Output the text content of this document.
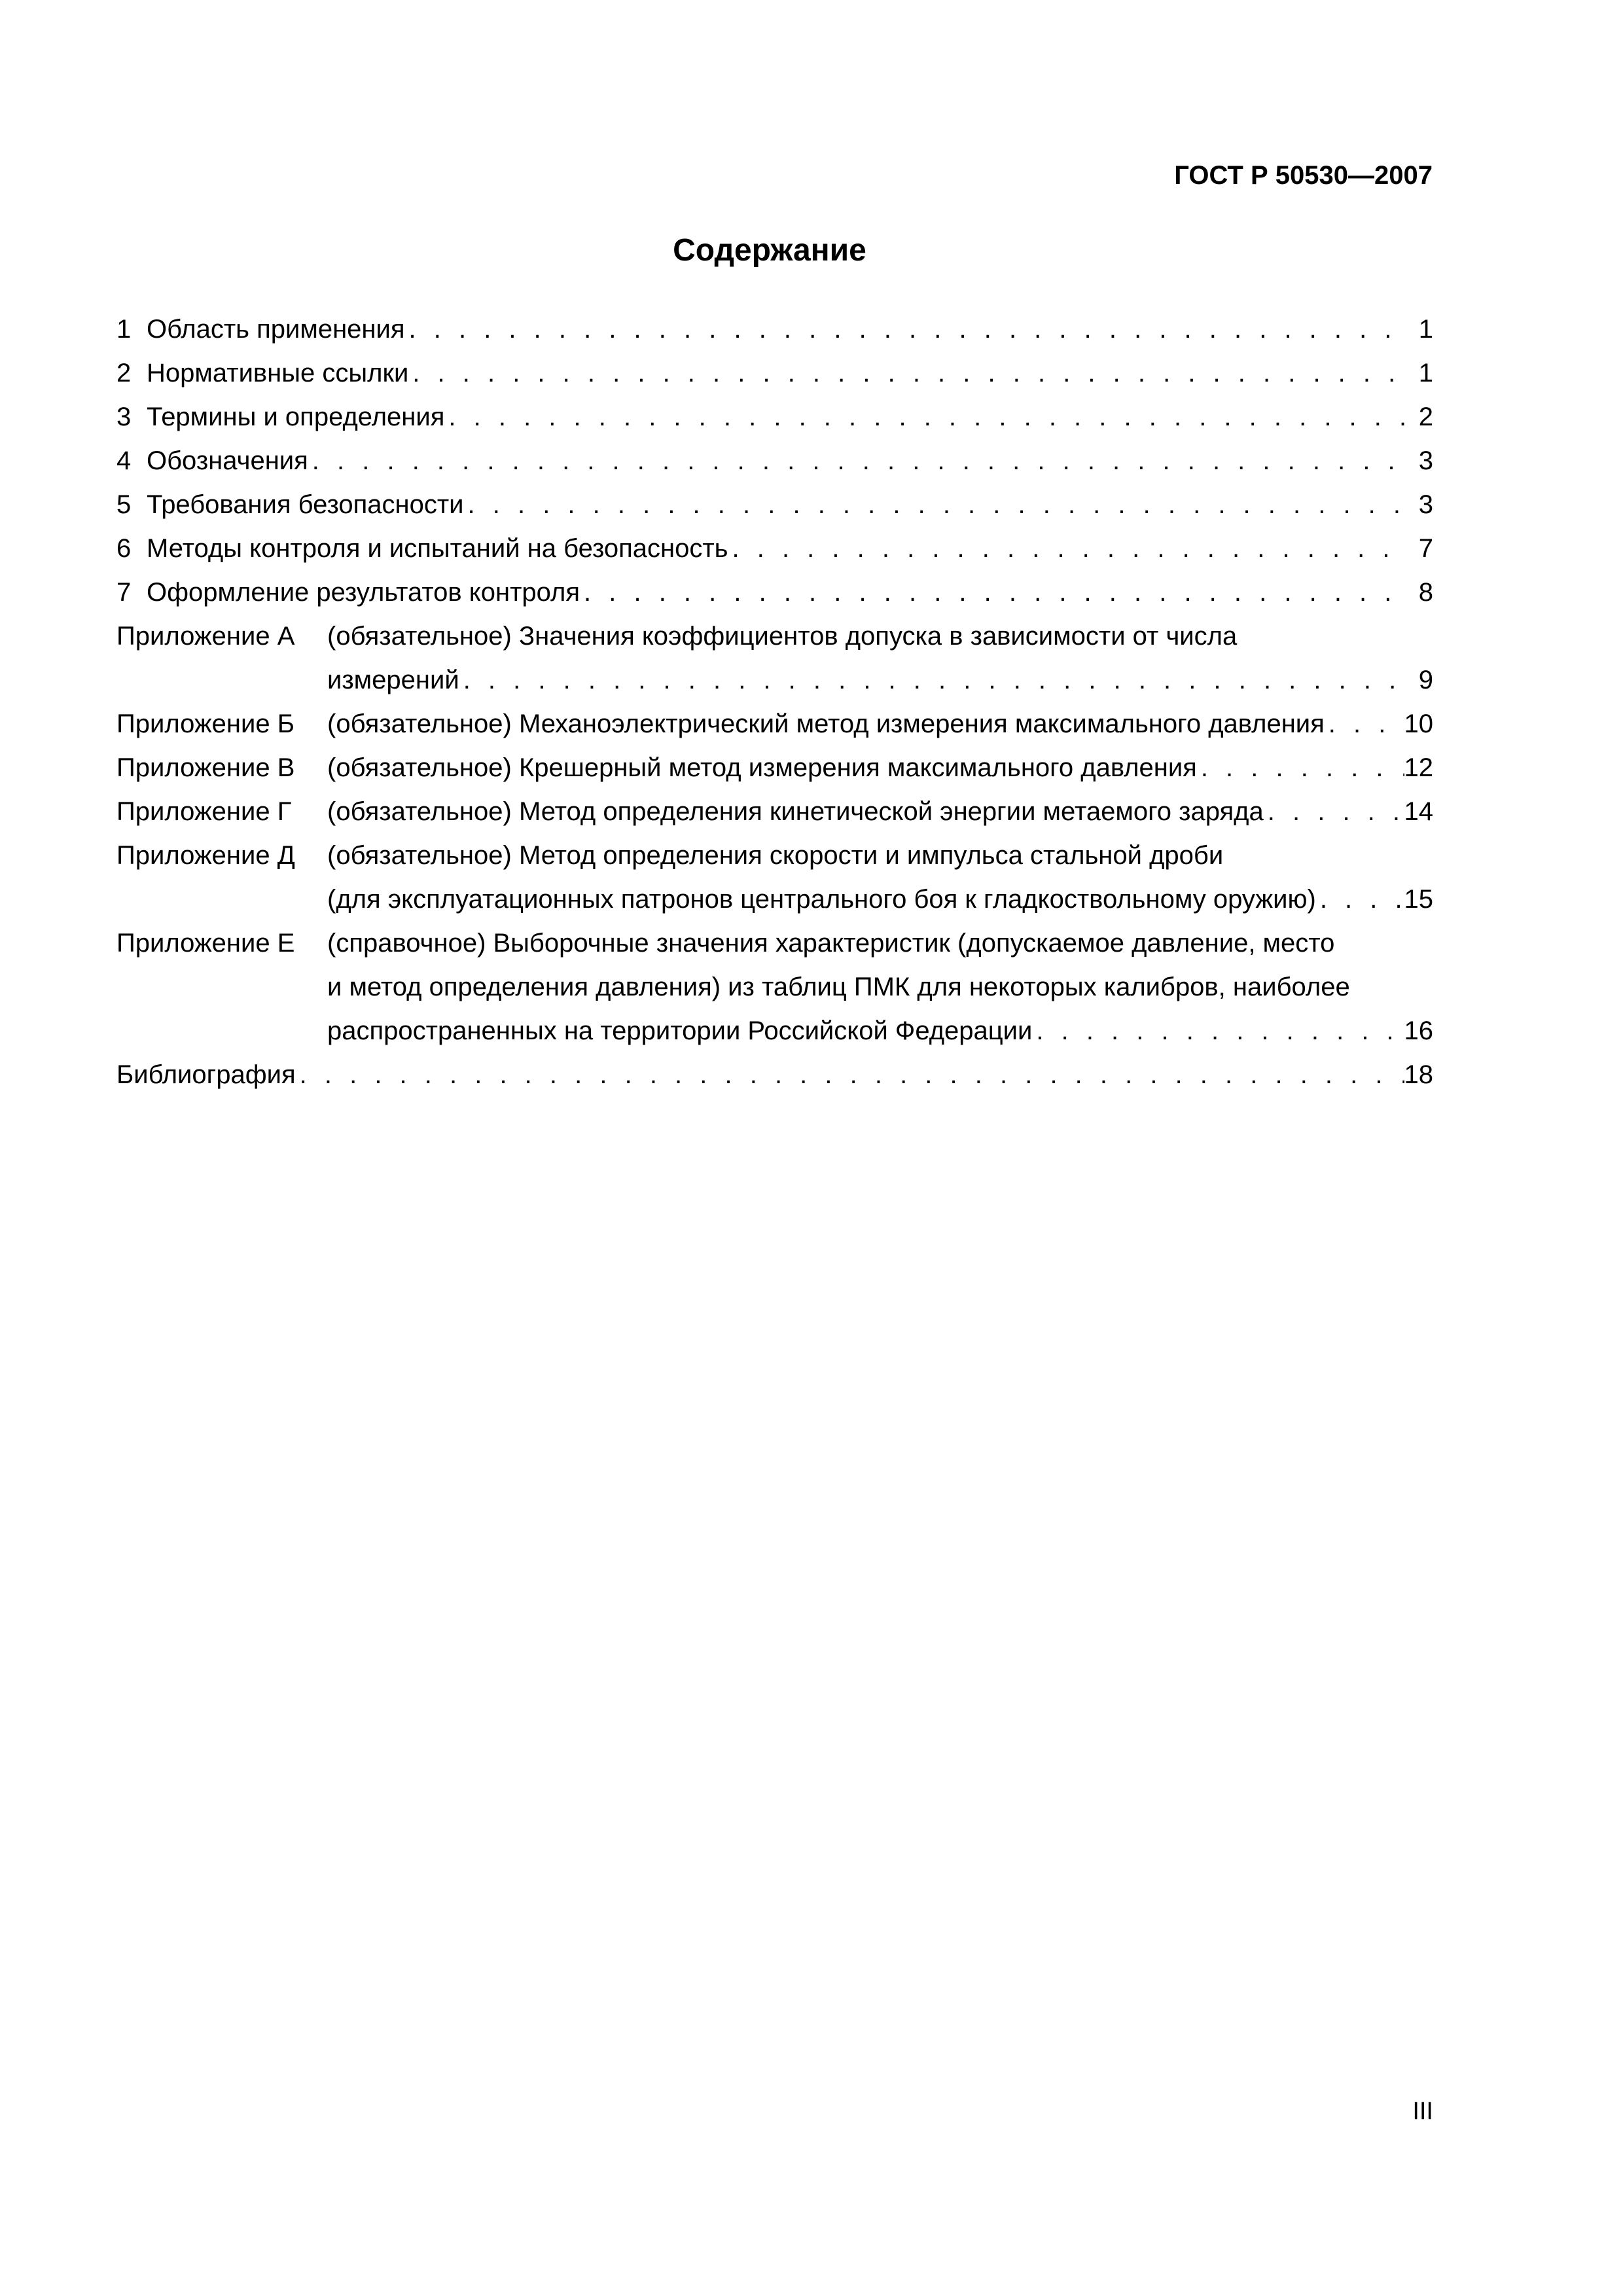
ГОСТ Р 50530—2007
Содержание
1 Область применения . . .	1
2 Нормативные ссылки . . .	1
3 Термины и определения . . .	2
4 Обозначения . . .	3
5 Требования безопасности . . .	3
6 Методы контроля и испытаний на безопасность . . .	7
7 Оформление результатов контроля . . .	8
Приложение А	(обязательное) Значения коэффициентов допуска в зависимости от числа
измерений . . .	9
Приложение Б	(обязательное) Механоэлектрический метод измерения максимального давления . . .	10
Приложение В	(обязательное) Крешерный метод измерения максимального давления . . .	12
Приложение Г	(обязательное) Метод определения кинетической энергии метаемого заряда . . .	14
Приложение Д	(обязательное) Метод определения скорости и импульса стальной дроби
(для эксплуатационных патронов центрального боя к гладкоствольному оружию) . . .	15
Приложение Е	(справочное) Выборочные значения характеристик (допускаемое давление, место
и метод определения давления) из таблиц ПМК для некоторых калибров, наиболее
распространенных на территории Российской Федерации . . .	16
Библиография . . .	18
III
